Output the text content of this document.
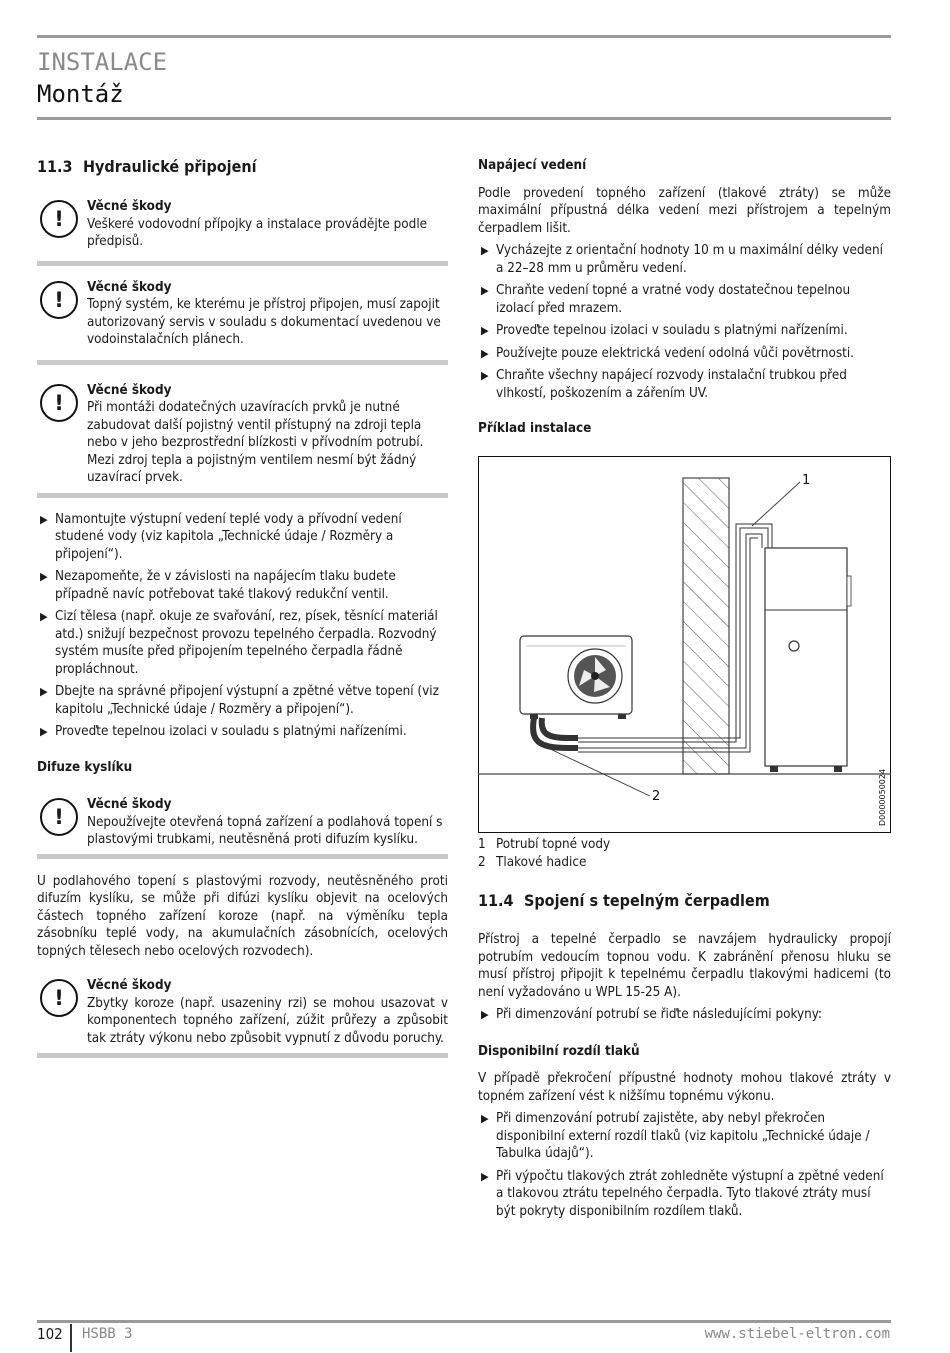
INSTALACE
Montáž
11.3 Hydraulické připojení
!
Věcné škody
Veškeré vodovodní přípojky a instalace provádějte podle předpisů.
!
Věcné škody
Topný systém, ke kterému je přístroj připojen, musí zapojit autorizovaný servis v souladu s dokumentací uvedenou ve vodoinstalačních plánech.
!
Věcné škody
Při montáži dodatečných uzavíracích prvků je nutné zabudovat další pojistný ventil přístupný na zdroji tepla nebo v jeho bezprostřední blízkosti v přívodním potrubí.
Mezi zdroj tepla a pojistným ventilem nesmí být žádný uzavírací prvek.
▶ Namontujte výstupní vedení teplé vody a přívodní vedení studené vody (viz kapitola „Technické údaje / Rozměry a připojení“).
▶ Nezapomeňte, že v závislosti na napájecím tlaku budete případně navíc potřebovat také tlakový redukční ventil.
▶ Cizí tělesa (např. okuje ze svařování, rez, písek, těsnící materiál atd.) snižují bezpečnost provozu tepelného čerpadla. Rozvodný systém musíte před připojením tepelného čerpadla řádně propláchnout.
▶ Dbejte na správné připojení výstupní a zpětné větve topení (viz kapitolu „Technické údaje / Rozměry a připojení“).
▶ Proveďte tepelnou izolaci v souladu s platnými nařízeními.
Difuze kyslíku
!
Věcné škody
Nepoužívejte otevřená topná zařízení a podlahová topení s plastovými trubkami, neutěsněná proti difuzím kyslíku.
U podlahového topení s plastovými rozvody, neutěsněného proti difuzím kyslíku, se může při difúzi kyslíku objevit na ocelových částech topného zařízení koroze (např. na výměníku tepla zásobníku teplé vody, na akumulačních zásobnících, ocelových topných tělesech nebo ocelových rozvodech).
!
Věcné škody
Zbytky koroze (např. usazeniny rzi) se mohou usazovat v komponentech topného zařízení, zúžit průřezy a způsobit tak ztráty výkonu nebo způsobit vypnutí z důvodu poruchy.
Napájecí vedení
Podle provedení topného zařízení (tlakové ztráty) se může maximální přípustná délka vedení mezi přístrojem a tepelným čerpadlem lišit.
▶ Vycházejte z orientační hodnoty 10 m u maximální délky vedení a 22–28 mm u průměru vedení.
▶ Chraňte vedení topné a vratné vody dostatečnou tepelnou izolací před mrazem.
▶ Proveďte tepelnou izolaci v souladu s platnými nařízeními.
▶ Používejte pouze elektrická vedení odolná vůči povětrnosti.
▶ Chraňte všechny napájecí rozvody instalační trubkou před vlhkostí, poškozením a zářením UV.
Příklad instalace
1
2	D0000050024
1 Potrubí topné vody
2 Tlakové hadice
11.4 Spojení s tepelným čerpadlem
Přístroj a tepelné čerpadlo se navzájem hydraulicky propojí potrubím vedoucím topnou vodu. K zabránění přenosu hluku se musí přístroj připojit k tepelnému čerpadlu tlakovými hadicemi (to není vyžadováno u WPL 15-25 A).
▶ Při dimenzování potrubí se řiďte následujícími pokyny:
Disponibilní rozdíl tlaků
V případě překročení přípustné hodnoty mohou tlakové ztráty v topném zařízení vést k nižšímu topnému výkonu.
▶ Při dimenzování potrubí zajistěte, aby nebyl překročen disponibilní externí rozdíl tlaků (viz kapitolu „Technické údaje / Tabulka údajů“).
▶ Při výpočtu tlakových ztrát zohledněte výstupní a zpětné vedení a tlakovou ztrátu tepelného čerpadla. Tyto tlakové ztráty musí být pokryty disponibilním rozdílem tlaků.
102 HSBB 3	www.stiebel-eltron.com
